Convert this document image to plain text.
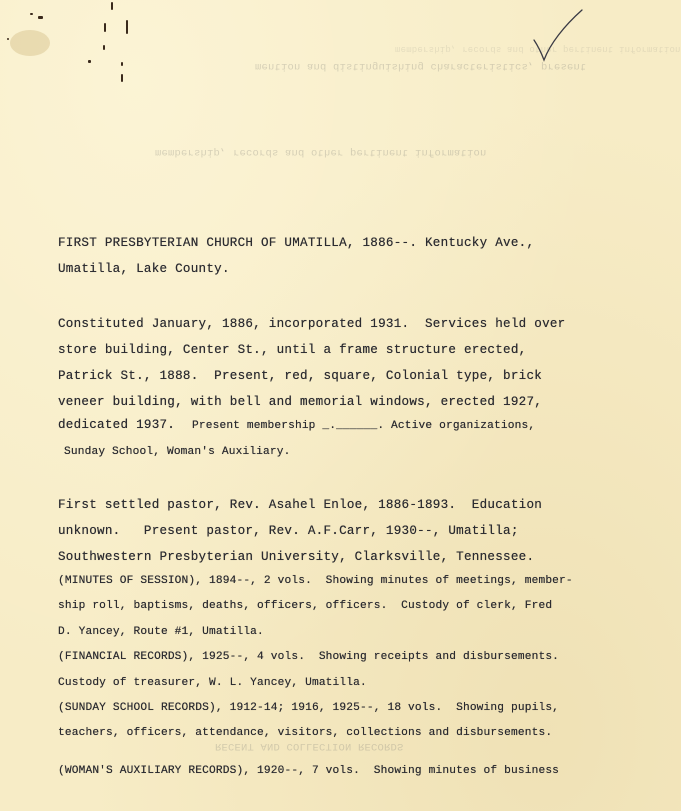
mention and distinguishing characteristics, present
membership, records and other pertinent information
membership, records and other pertinent information
RECENT AND COLLECTION RECORDS
FIRST PRESBYTERIAN CHURCH OF UMATILLA, 1886--. Kentucky Ave.,
Umatilla, Lake County.
Constituted January, 1886, incorporated 1931.  Services held over
store building, Center St., until a frame structure erected,
Patrick St., 1888.  Present, red, square, Colonial type, brick
veneer building, with bell and memorial windows, erected 1927,
dedicated 1937. Present membership _.______. Active organizations,
Sunday School, Woman's Auxiliary.
First settled pastor, Rev. Asahel Enloe, 1886-1893.  Education
unknown.   Present pastor, Rev. A.F.Carr, 1930--, Umatilla;
Southwestern Presbyterian University, Clarksville, Tennessee.
(MINUTES OF SESSION), 1894--, 2 vols.  Showing minutes of meetings, member-
ship roll, baptisms, deaths, officers, officers.  Custody of clerk, Fred
D. Yancey, Route #1, Umatilla.
(FINANCIAL RECORDS), 1925--, 4 vols.  Showing receipts and disbursements.
Custody of treasurer, W. L. Yancey, Umatilla.
(SUNDAY SCHOOL RECORDS), 1912-14; 1916, 1925--, 18 vols.  Showing pupils,
teachers, officers, attendance, visitors, collections and disbursements.
(WOMAN'S AUXILIARY RECORDS), 1920--, 7 vols.  Showing minutes of business
